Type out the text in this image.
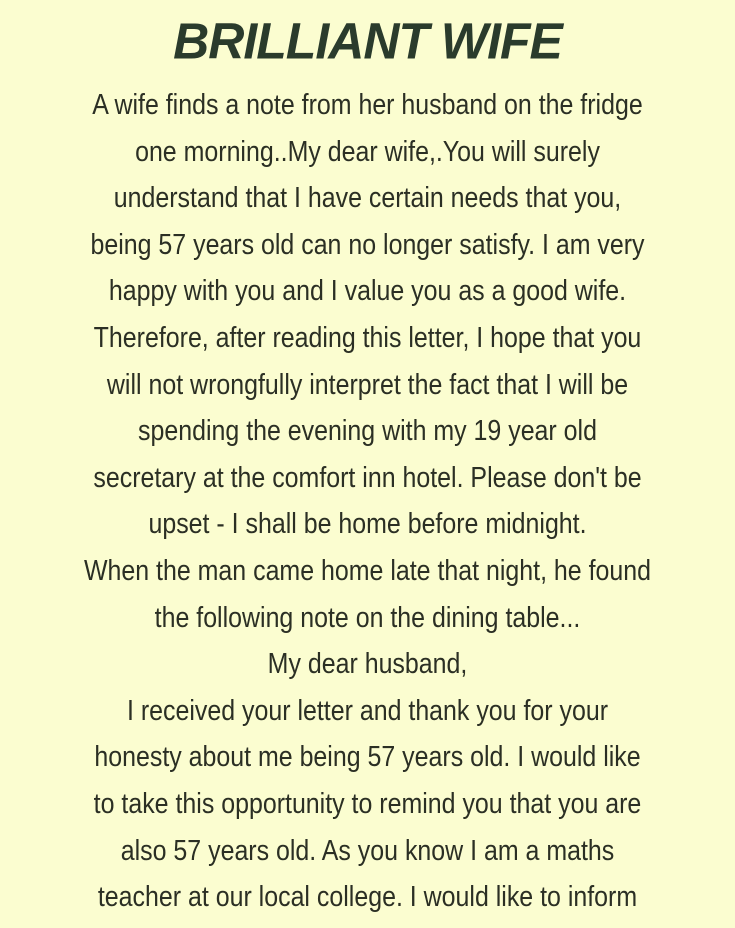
BRILLIANT WIFE
A wife finds a note from her husband on the fridge
one morning..My dear wife,.You will surely
understand that I have certain needs that you,
being 57 years old can no longer satisfy. I am very
happy with you and I value you as a good wife.
Therefore, after reading this letter, I hope that you
will not wrongfully interpret the fact that I will be
spending the evening with my 19 year old
secretary at the comfort inn hotel. Please don't be
upset - I shall be home before midnight.
When the man came home late that night, he found
the following note on the dining table...
My dear husband,
I received your letter and thank you for your
honesty about me being 57 years old. I would like
to take this opportunity to remind you that you are
also 57 years old. As you know I am a maths
teacher at our local college. I would like to inform
